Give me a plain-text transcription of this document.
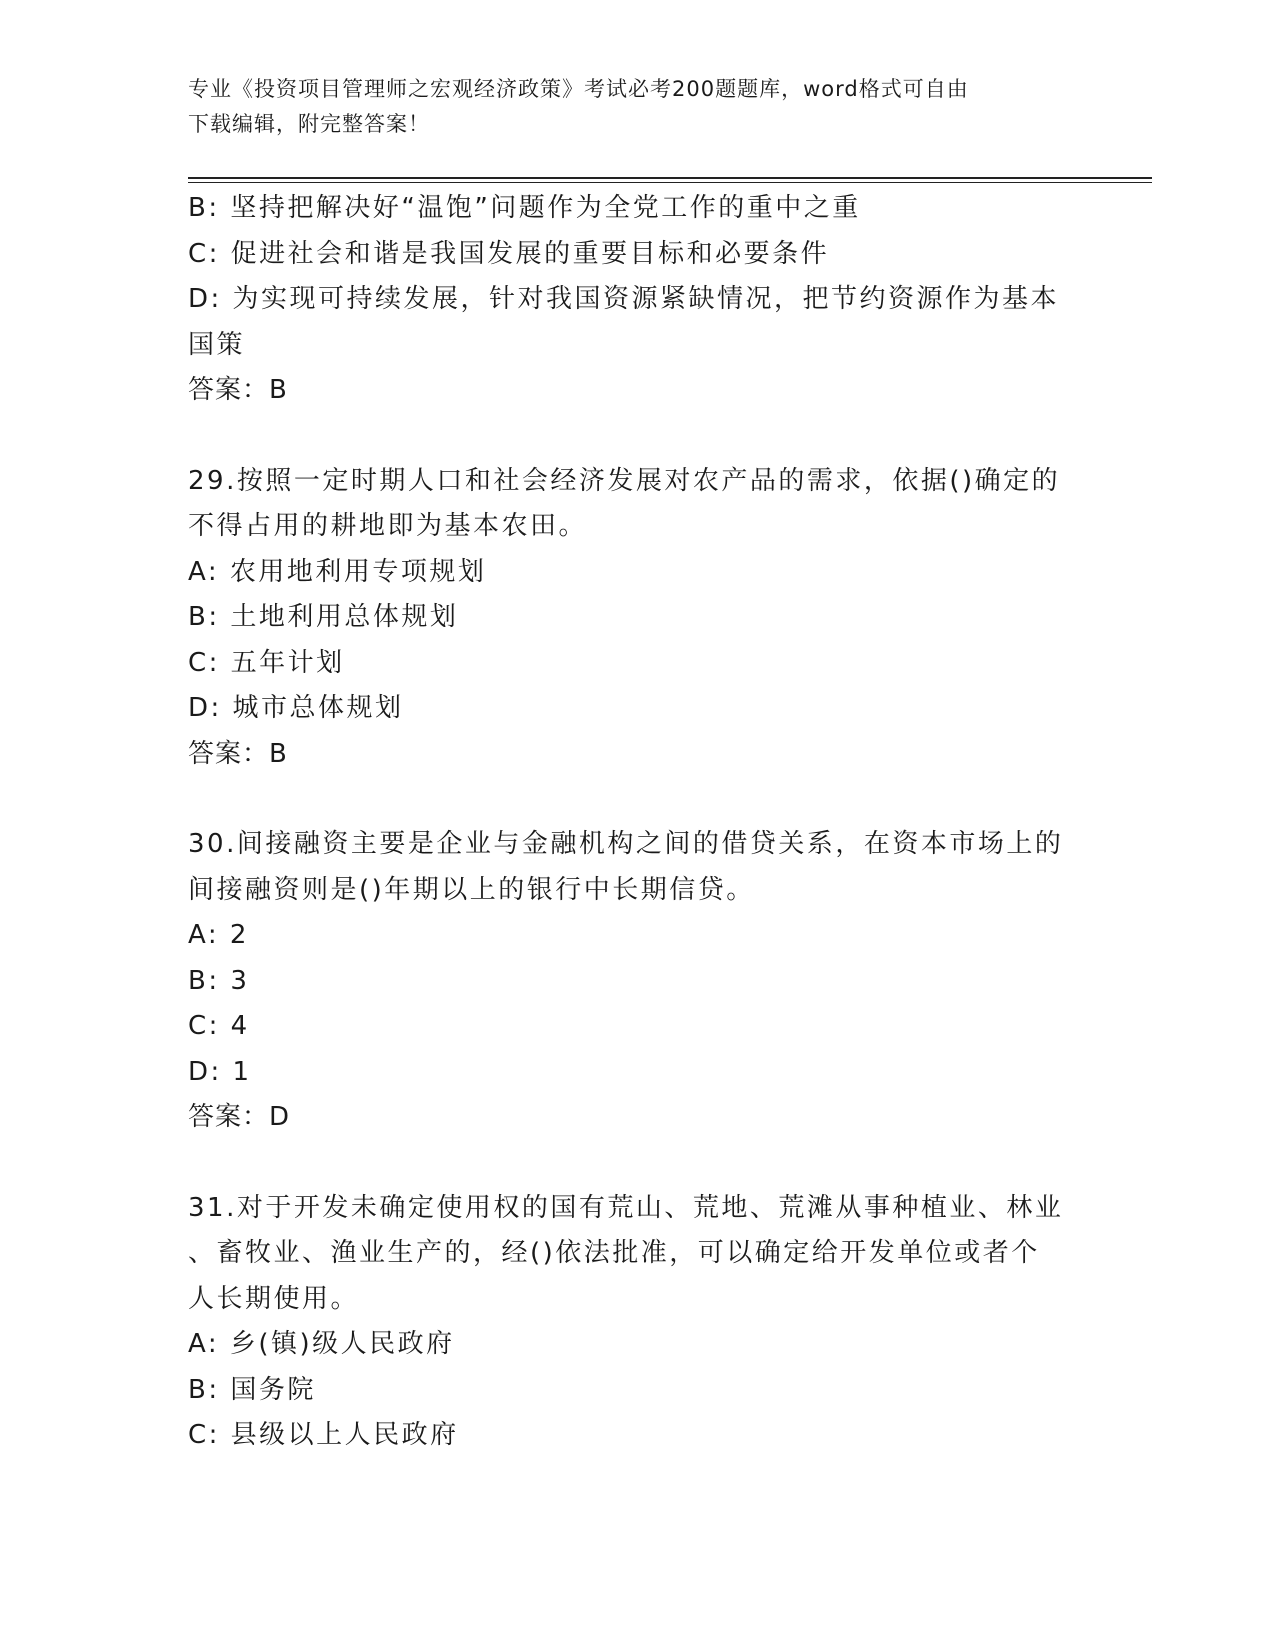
专业《投资项目管理师之宏观经济政策》考试必考200题题库，word格式可自由
下载编辑，附完整答案！
B: 坚持把解决好“温饱”问题作为全党工作的重中之重
C: 促进社会和谐是我国发展的重要目标和必要条件
D: 为实现可持续发展，针对我国资源紧缺情况，把节约资源作为基本
国策
答案：B
29.按照一定时期人口和社会经济发展对农产品的需求，依据()确定的
不得占用的耕地即为基本农田。
A: 农用地利用专项规划
B: 土地利用总体规划
C: 五年计划
D: 城市总体规划
答案：B
30.间接融资主要是企业与金融机构之间的借贷关系，在资本市场上的
间接融资则是()年期以上的银行中长期信贷。
A: 2
B: 3
C: 4
D: 1
答案：D
31.对于开发未确定使用权的国有荒山、荒地、荒滩从事种植业、林业
、畜牧业、渔业生产的，经()依法批准，可以确定给开发单位或者个
人长期使用。
A: 乡(镇)级人民政府
B: 国务院
C: 县级以上人民政府
